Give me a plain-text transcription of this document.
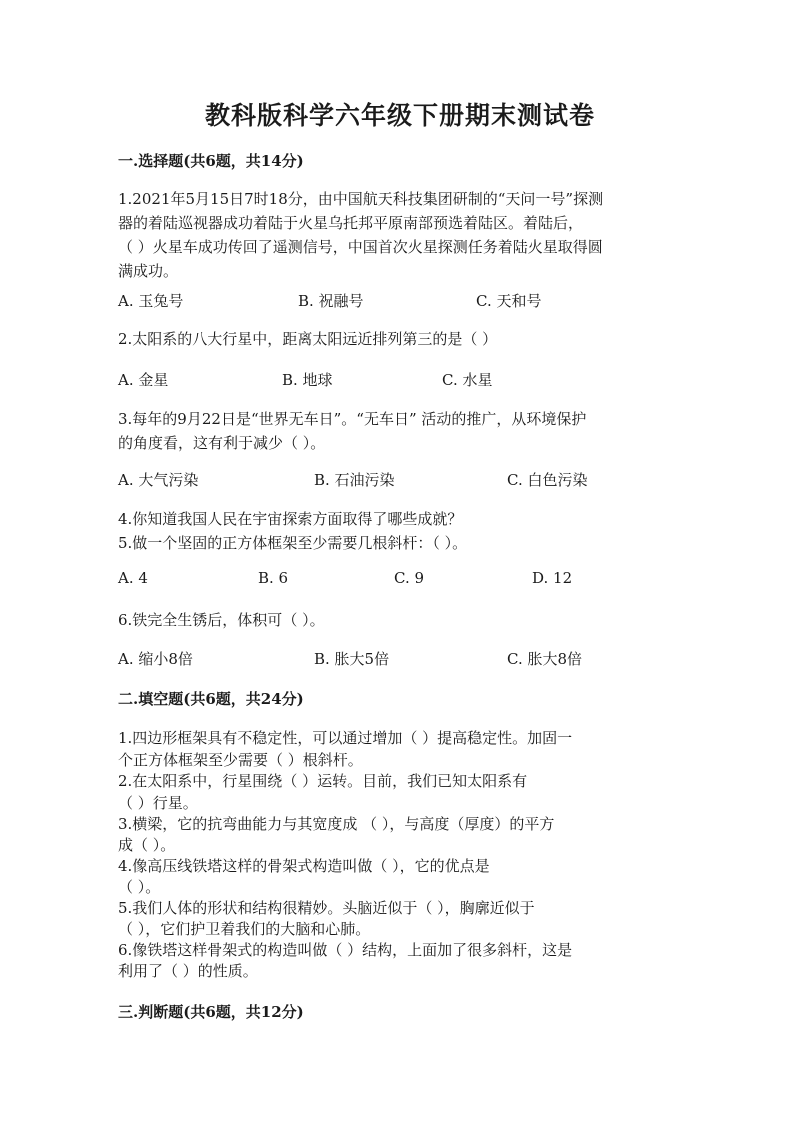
教科版科学六年级下册期末测试卷
一.选择题(共6题，共14分)
1.2021年5月15日7时18分，由中国航天科技集团研制的“天问一号”探测
器的着陆巡视器成功着陆于火星乌托邦平原南部预选着陆区。着陆后，
（ ）火星车成功传回了遥测信号，中国首次火星探测任务着陆火星取得圆
满成功。
A. 玉兔号	B. 祝融号	C. 天和号
2.太阳系的八大行星中，距离太阳远近排列第三的是（ ）
A. 金星	B. 地球	C. 水星
3.每年的9月22日是“世界无车日”。“无车日” 活动的推广，从环境保护
的角度看，这有利于减少（ ）。
A. 大气污染	B. 石油污染	C. 白色污染
4.你知道我国人民在宇宙探索方面取得了哪些成就？
5.做一个坚固的正方体框架至少需要几根斜杆：（ ）。
A. 4	B. 6	C. 9	D. 12
6.铁完全生锈后，体积可（ ）。
A. 缩小8倍	B. 胀大5倍	C. 胀大8倍
二.填空题(共6题，共24分)
1.四边形框架具有不稳定性，可以通过增加（ ）提高稳定性。加固一
个正方体框架至少需要（ ）根斜杆。
2.在太阳系中，行星围绕（ ）运转。目前，我们已知太阳系有
（ ）行星。
3.横梁，它的抗弯曲能力与其宽度成 （ ），与高度（厚度）的平方
成（ ）。
4.像高压线铁塔这样的骨架式构造叫做（ ），它的优点是
（ ）。
5.我们人体的形状和结构很精妙。头脑近似于（ ），胸廓近似于
（ ），它们护卫着我们的大脑和心肺。
6.像铁塔这样骨架式的构造叫做（ ）结构，上面加了很多斜杆，这是
利用了（ ）的性质。
三.判断题(共6题，共12分)
